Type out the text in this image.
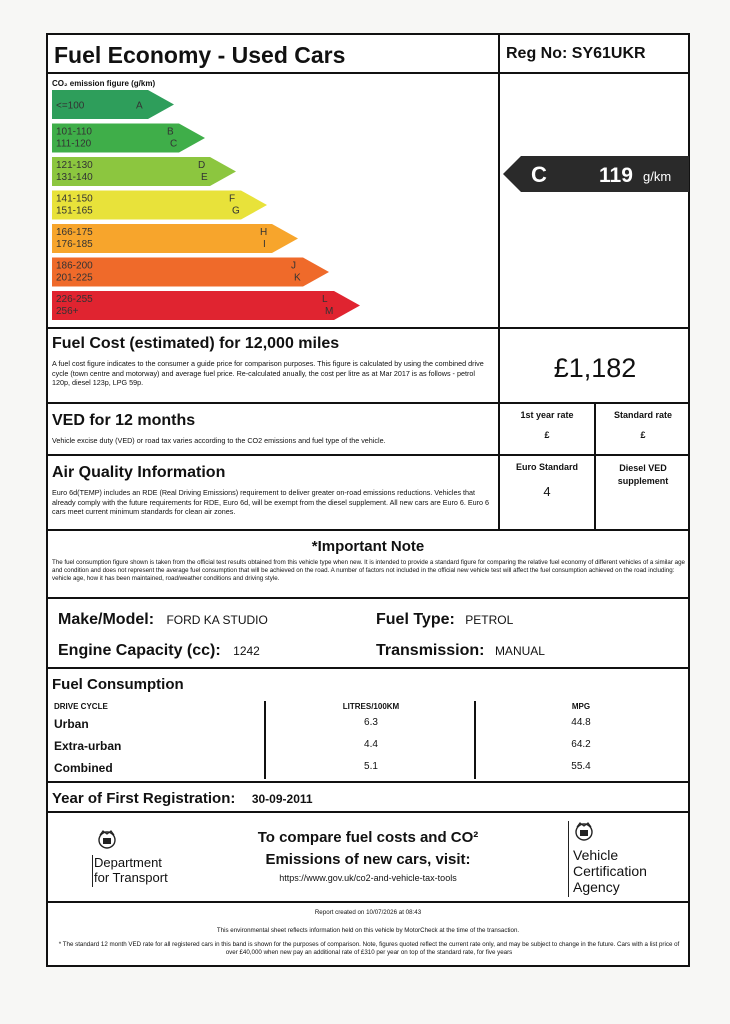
Fuel Economy - Used Cars	Reg No: SY61UKR
CO₂ emission figure (g/km)
<=100	A
101-110	B
111-120	C
121-130	D
131-140	E
141-150	F
151-165	G
166-175	H
176-185	I
186-200	J
201-225	K
226-255	L
256+	M
C 119 g/km
Fuel Cost (estimated) for 12,000 miles
A fuel cost figure indicates to the consumer a guide price for comparison purposes. This figure is calculated by using the combined drive cycle (town centre and motorway) and average fuel price. Re-calculated anually, the cost per litre as at Mar 2017 is as follows - petrol 120p, diesel 123p, LPG 59p.	£1,182
VED for 12 months
Vehicle excise duty (VED) or road tax varies according to the CO2 emissions and fuel type of the vehicle.
1st year rate
£
Standard rate
£
Air Quality Information
Euro 6d(TEMP) includes an RDE (Real Driving Emissions) requirement to deliver greater on-road emissions reductions. Vehicles that already comply with the future requirements for RDE, Euro 6d, will be exempt from the diesel supplement. All new cars are Euro 6. Euro 6 cars meet current minimum standards for clean air zones.
Euro Standard
4
Diesel VED supplement
*Important Note
The fuel consumption figure shown is taken from the official test results obtained from this vehicle type when new. It is intended to provide a standard figure for comparing the relative fuel economy of different vehicles of a similar age and condition and does not represent the average fuel consumption that will be achieved on the road. A number of factors not included in the official new vehicle test will affect the fuel consumption achieved on the road including: vehicle age, how it has been maintained, road/weather conditions and driving style.
Make/Model: FORD KA STUDIO	Fuel Type: PETROL
Engine Capacity (cc): 1242	Transmission: MANUAL
Fuel Consumption
DRIVE CYCLE	LITRES/100KM	MPG
Urban	6.3	44.8
Extra-urban	4.4	64.2
Combined	5.1	55.4
Year of First Registration: 30-09-2011
Department
for Transport
To compare fuel costs and CO²
Emissions of new cars, visit:
https://www.gov.uk/co2-and-vehicle-tax-tools
Vehicle
Certification
Agency
Report created on 10/07/2026 at 08:43
This environmental sheet reflects information held on this vehicle by MotorCheck at the time of the transaction.
* The standard 12 month VED rate for all registered cars in this band is shown for the purposes of comparison. Note, figures quoted reflect the current rate only, and may be subject to change in the future. Cars with a list price of over £40,000 when new pay an additional rate of £310 per year on top of the standard rate, for five years
